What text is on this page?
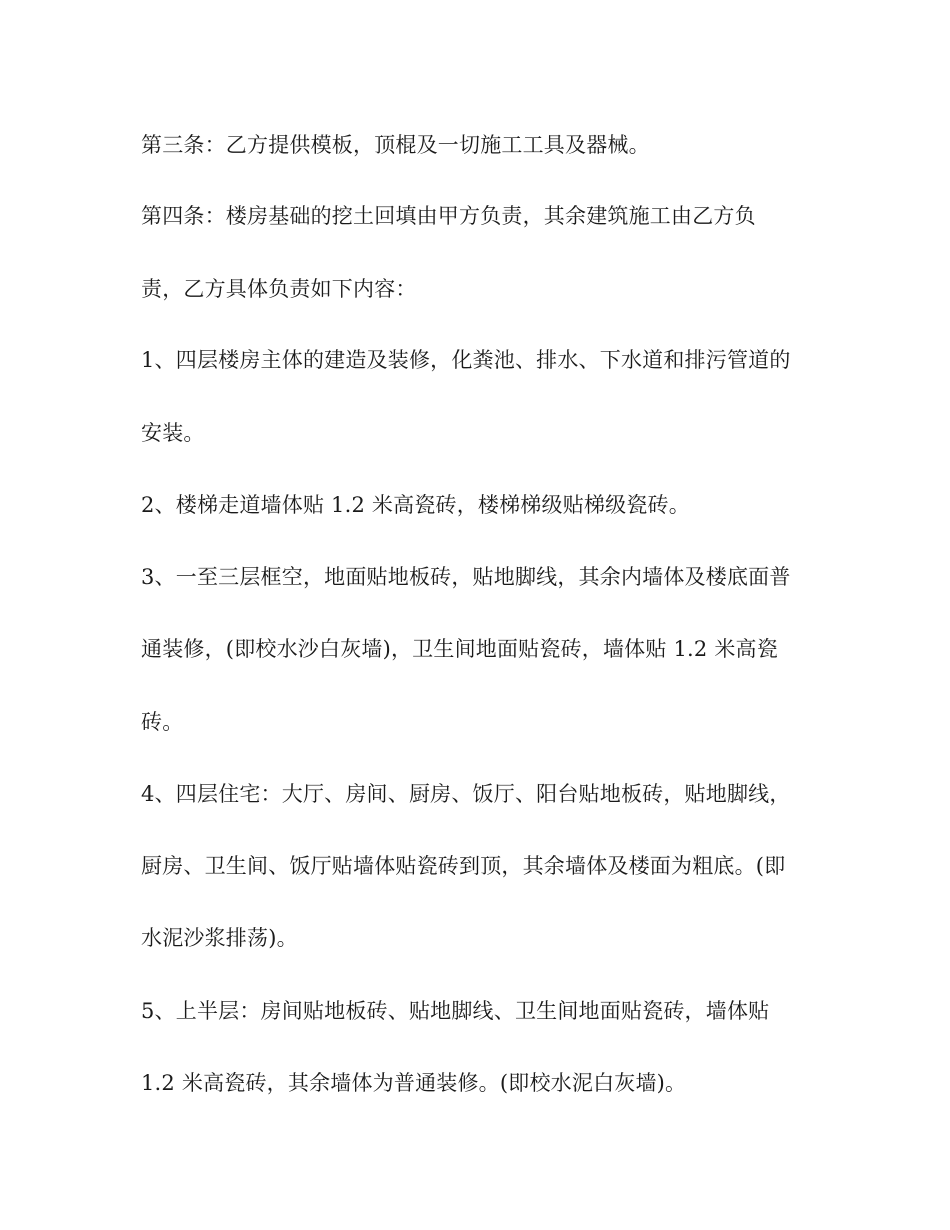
第三条：乙方提供模板，顶棍及一切施工工具及器械。
第四条：楼房基础的挖土回填由甲方负责，其余建筑施工由乙方负
责，乙方具体负责如下内容：
1、四层楼房主体的建造及装修，化粪池、排水、下水道和排污管道的
安装。
2、楼梯走道墙体贴 1.2 米高瓷砖，楼梯梯级贴梯级瓷砖。
3、一至三层框空，地面贴地板砖，贴地脚线，其余内墙体及楼底面普
通装修，(即校水沙白灰墙)，卫生间地面贴瓷砖，墙体贴 1.2 米高瓷
砖。
4、四层住宅：大厅、房间、厨房、饭厅、阳台贴地板砖，贴地脚线，
厨房、卫生间、饭厅贴墙体贴瓷砖到顶，其余墙体及楼面为粗底。(即
水泥沙浆排荡)。
5、上半层：房间贴地板砖、贴地脚线、卫生间地面贴瓷砖，墙体贴
1.2 米高瓷砖，其余墙体为普通装修。(即校水泥白灰墙)。
